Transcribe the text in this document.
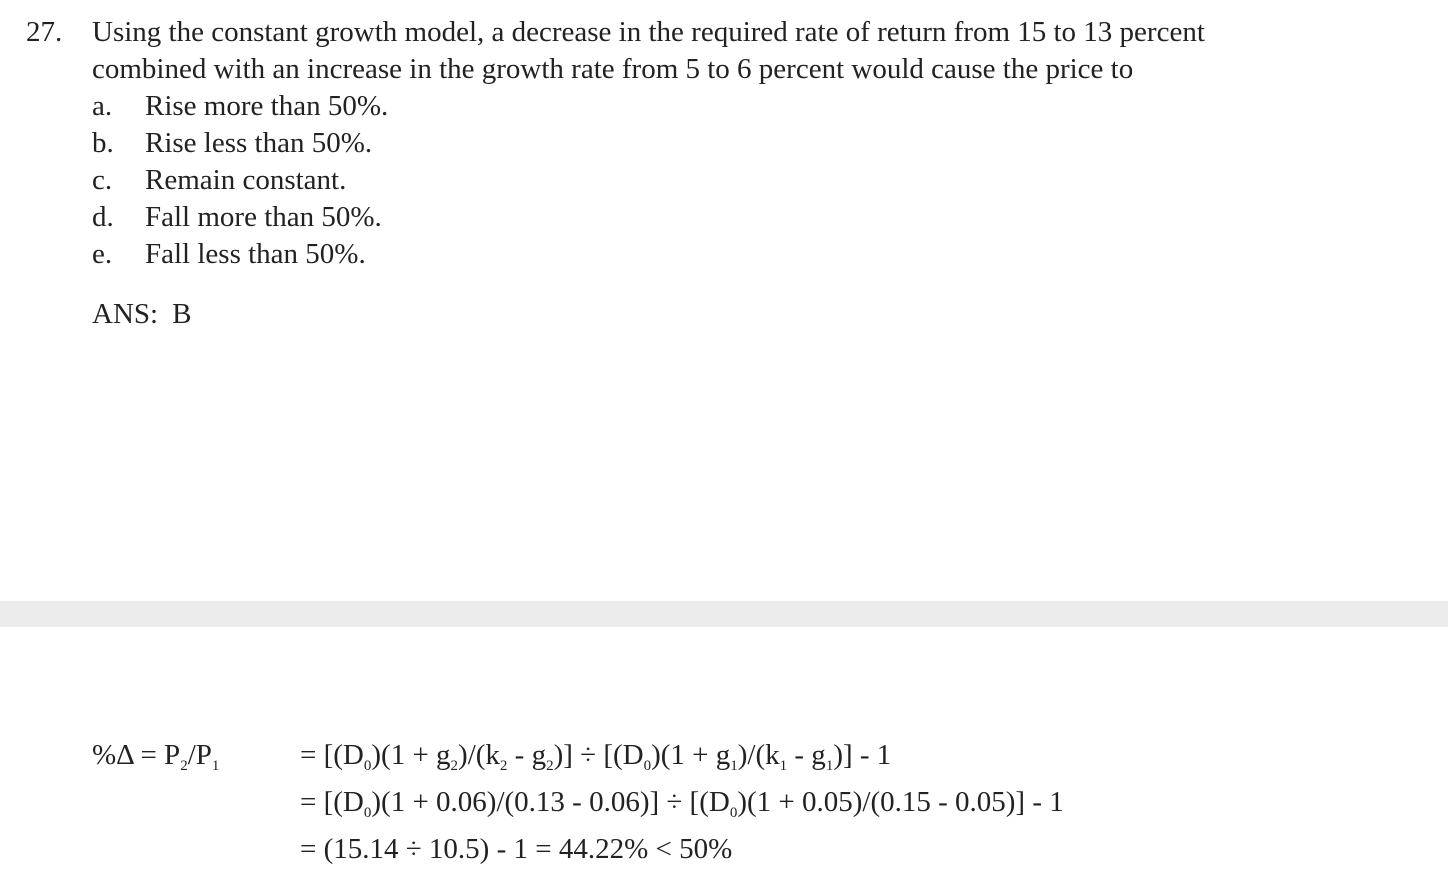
27. Using the constant growth model, a decrease in the required rate of return from 15 to 13 percent
combined with an increase in the growth rate from 5 to 6 percent would cause the price to
a. Rise more than 50%.
b. Rise less than 50%.
c. Remain constant.
d. Fall more than 50%.
e. Fall less than 50%.
ANS: B
$\%\Delta = P_2/P_1$	= $[(D_0)(1 + g_2)/(k_2 - g_2)] \div [(D_0)(1 + g_1)/(k_1 - g_1)] - 1$
= $[(D_0)(1 + 0.06)/(0.13 - 0.06)] \div [(D_0)(1 + 0.05)/(0.15 - 0.05)] - 1$
= (15.14 ÷ 10.5) - 1 = 44.22% < 50%
